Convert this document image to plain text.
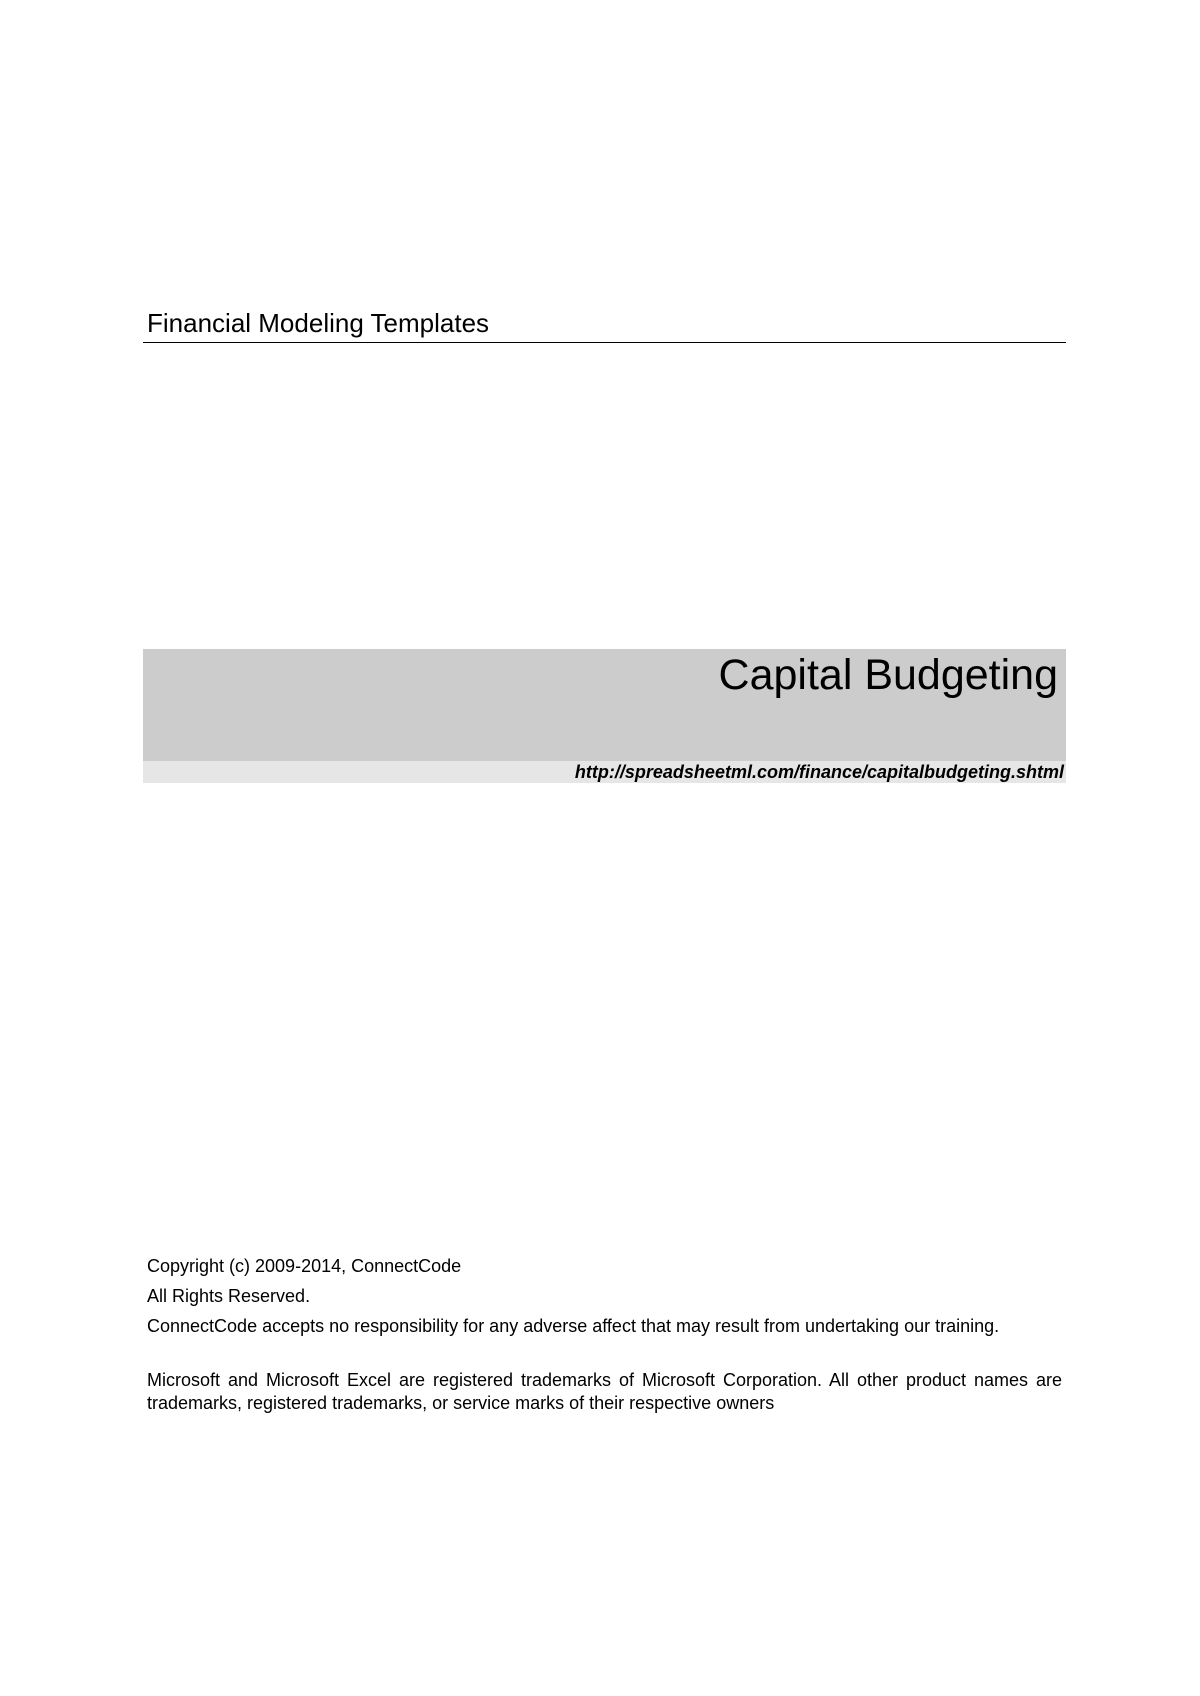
Financial Modeling Templates
Capital Budgeting
http://spreadsheetml.com/finance/capitalbudgeting.shtml

Copyright (c) 2009-2014, ConnectCode

All Rights Reserved.

ConnectCode accepts no responsibility for any adverse affect that may result from undertaking our training.

Microsoft and Microsoft Excel are registered trademarks of Microsoft Corporation. All other product names are trademarks, registered trademarks, or service marks of their respective owners
